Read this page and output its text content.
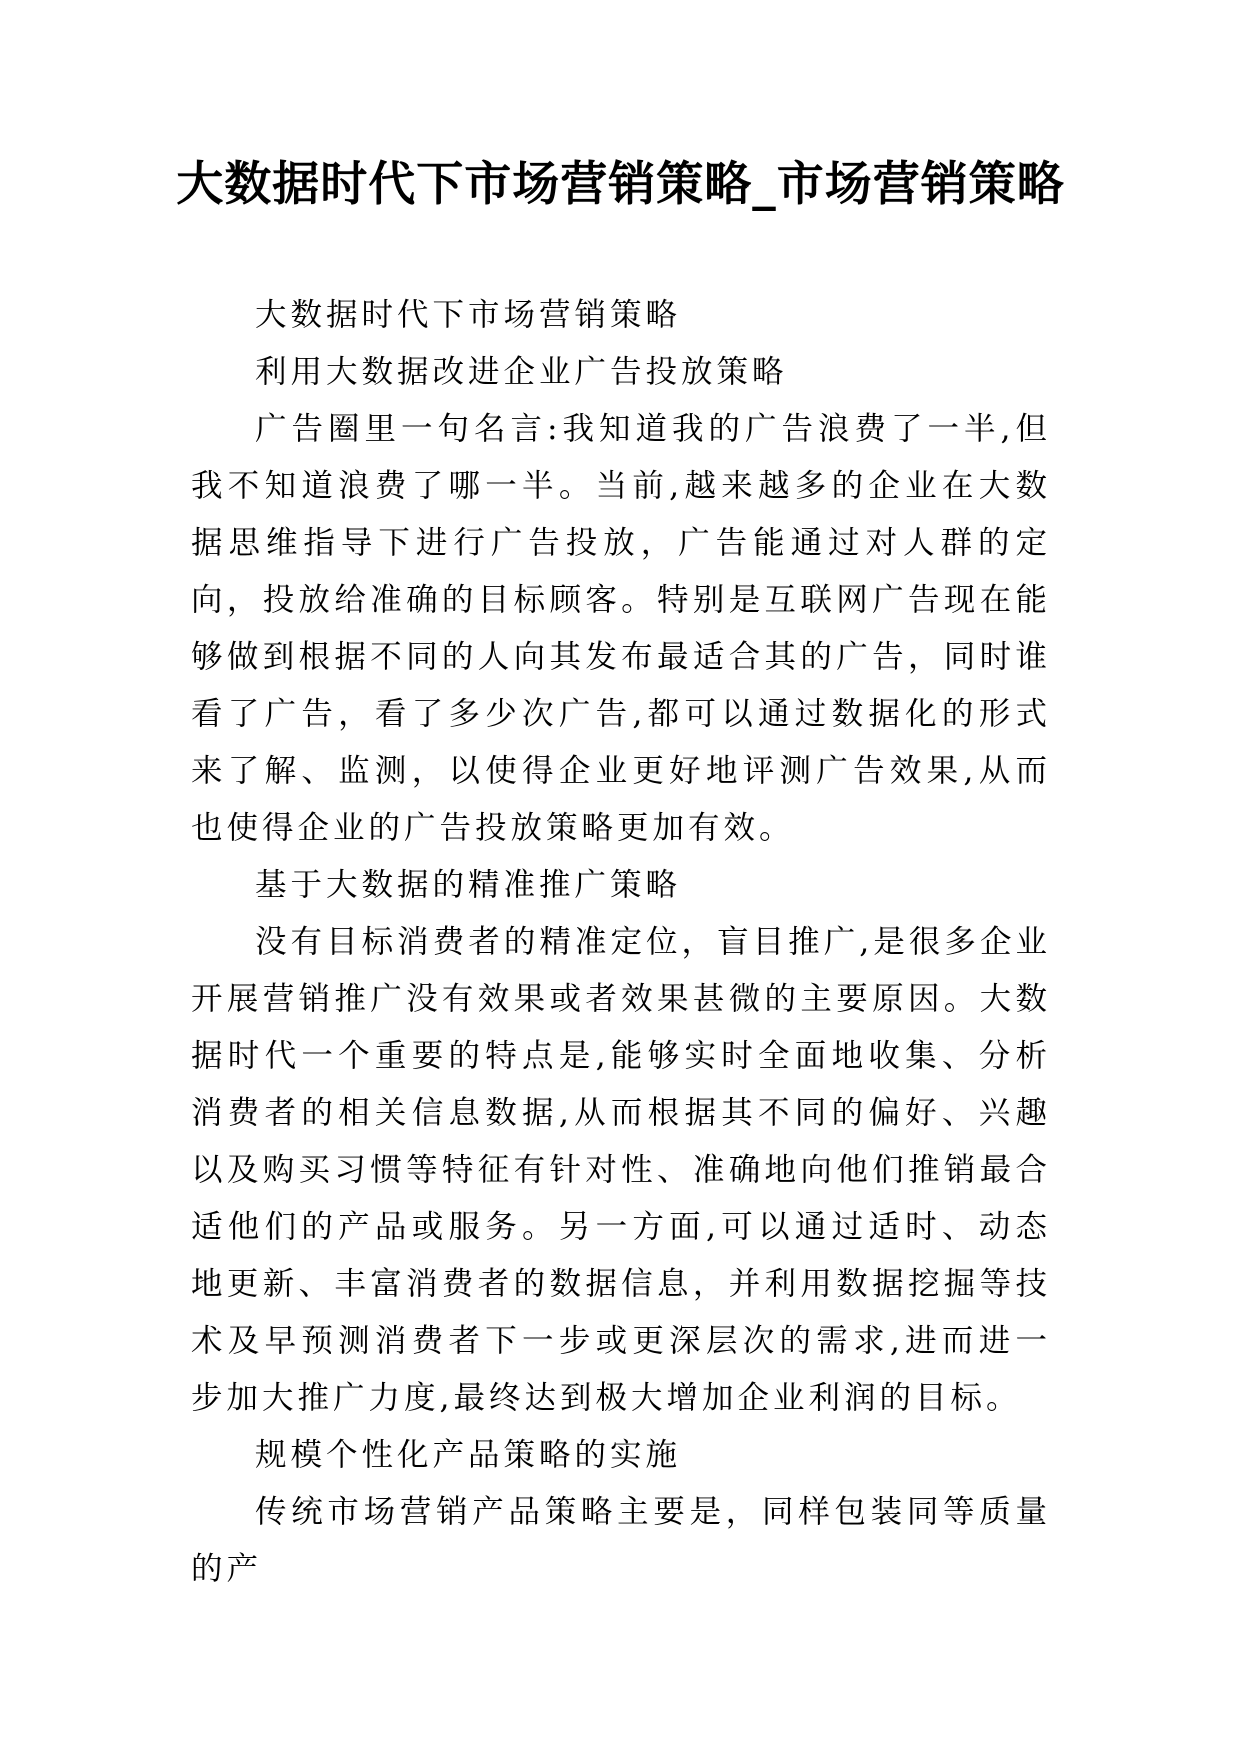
大数据时代下市场营销策略_市场营销策略

大数据时代下市场营销策略

利用大数据改进企业广告投放策略

广告圈里一句名言:我知道我的广告浪费了一半,但我不知道浪费了哪一半。当前,越来越多的企业在大数据思维指导下进行广告投放，广告能通过对人群的定向，投放给准确的目标顾客。特别是互联网广告现在能够做到根据不同的人向其发布最适合其的广告，同时谁看了广告，看了多少次广告,都可以通过数据化的形式来了解、监测，以使得企业更好地评测广告效果,从而也使得企业的广告投放策略更加有效。

基于大数据的精准推广策略

没有目标消费者的精准定位，盲目推广,是很多企业开展营销推广没有效果或者效果甚微的主要原因。大数据时代一个重要的特点是,能够实时全面地收集、分析消费者的相关信息数据,从而根据其不同的偏好、兴趣以及购买习惯等特征有针对性、准确地向他们推销最合适他们的产品或服务。另一方面,可以通过适时、动态地更新、丰富消费者的数据信息，并利用数据挖掘等技术及早预测消费者下一步或更深层次的需求,进而进一步加大推广力度,最终达到极大增加企业利润的目标。

规模个性化产品策略的实施

传统市场营销产品策略主要是，同样包装同等质量的产
